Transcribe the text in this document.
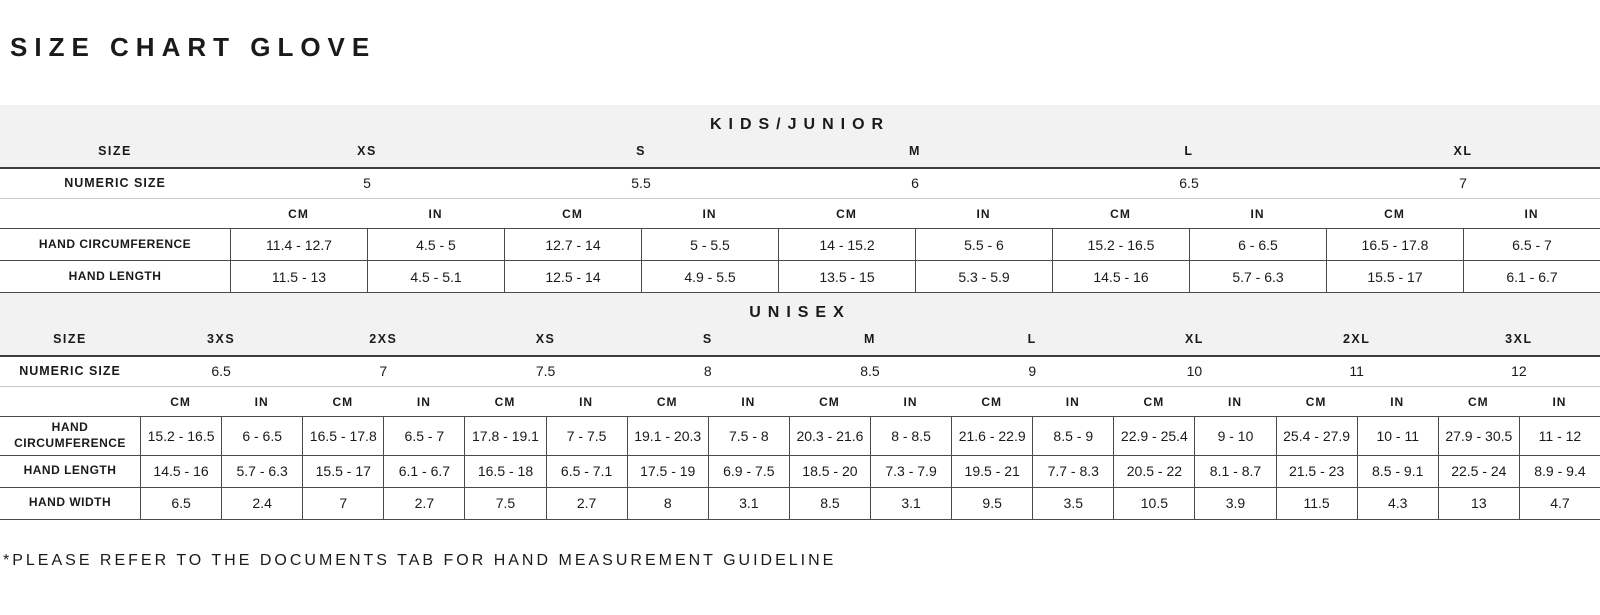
SIZE CHART GLOVE
KIDS/JUNIOR
SIZE	XS	S	M	L	XL
NUMERIC SIZE	5	5.5	6	6.5	7
CM	IN	CM	IN	CM	IN	CM	IN	CM	IN
HAND CIRCUMFERENCE	11.4 - 12.7	4.5 - 5	12.7 - 14	5 - 5.5	14 - 15.2	5.5 - 6	15.2 - 16.5	6 - 6.5	16.5 - 17.8	6.5 - 7
HAND LENGTH	11.5 - 13	4.5 - 5.1	12.5 - 14	4.9 - 5.5	13.5 - 15	5.3 - 5.9	14.5 - 16	5.7 - 6.3	15.5 - 17	6.1 - 6.7
UNISEX
SIZE	3XS	2XS	XS	S	M	L	XL	2XL	3XL
NUMERIC SIZE	6.5	7	7.5	8	8.5	9	10	11	12
CM	IN	CM	IN	CM	IN	CM	IN	CM	IN	CM	IN	CM	IN	CM	IN	CM	IN
HAND CIRCUMFERENCE	15.2 - 16.5	6 - 6.5	16.5 - 17.8	6.5 - 7	17.8 - 19.1	7 - 7.5	19.1 - 20.3	7.5 - 8	20.3 - 21.6	8 - 8.5	21.6 - 22.9	8.5 - 9	22.9 - 25.4	9 - 10	25.4 - 27.9	10 - 11	27.9 - 30.5	11 - 12
HAND LENGTH	14.5 - 16	5.7 - 6.3	15.5 - 17	6.1 - 6.7	16.5 - 18	6.5 - 7.1	17.5 - 19	6.9 - 7.5	18.5 - 20	7.3 - 7.9	19.5 - 21	7.7 - 8.3	20.5 - 22	8.1 - 8.7	21.5 - 23	8.5 - 9.1	22.5 - 24	8.9 - 9.4
HAND WIDTH	6.5	2.4	7	2.7	7.5	2.7	8	3.1	8.5	3.1	9.5	3.5	10.5	3.9	11.5	4.3	13	4.7
*PLEASE REFER TO THE DOCUMENTS TAB FOR HAND MEASUREMENT GUIDELINE
